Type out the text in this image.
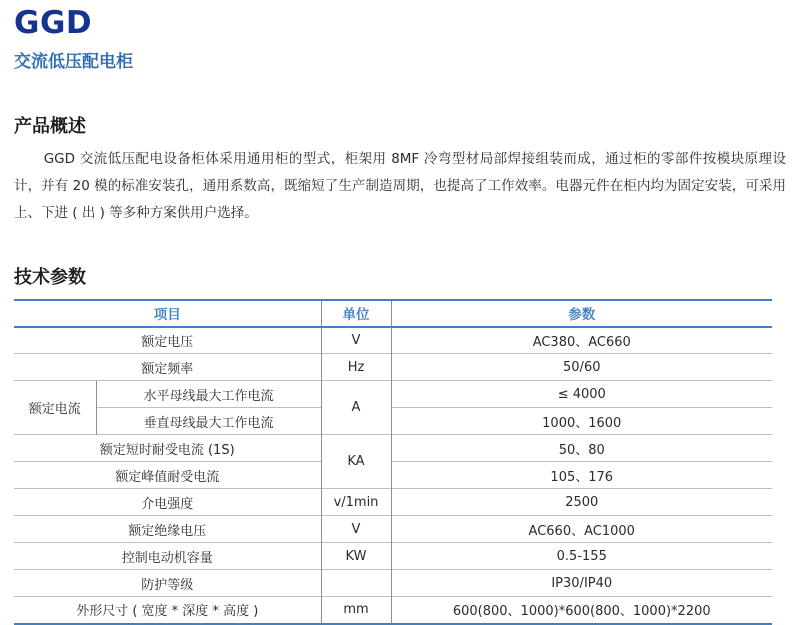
GGD
交流低压配电柜
产品概述
GGD 交流低压配电设备柜体采用通用柜的型式，柜架用 8MF 冷弯型材局部焊接组装而成，通过柜的零部件按模块原理设计，并有 20 模的标准安装孔，通用系数高，既缩短了生产制造周期，也提高了工作效率。电器元件在柜内均为固定安装，可采用上、下进 ( 出 ) 等多种方案供用户选择。
技术参数
项目		单位	参数
额定电压		V	AC380、AC660
额定频率		Hz	50/60
额定电流	水平母线最大工作电流	A	≤ 4000
	垂直母线最大工作电流		1000、1600
额定短时耐受电流 (1S)		KA	50、80
额定峰值耐受电流			105、176
介电强度		v/1min	2500
额定绝缘电压		V	AC660、AC1000
控制电动机容量		KW	0.5-155
防护等级			IP30/IP40
外形尺寸 ( 宽度 * 深度 * 高度 )		mm	600(800、1000)*600(800、1000)*2200
